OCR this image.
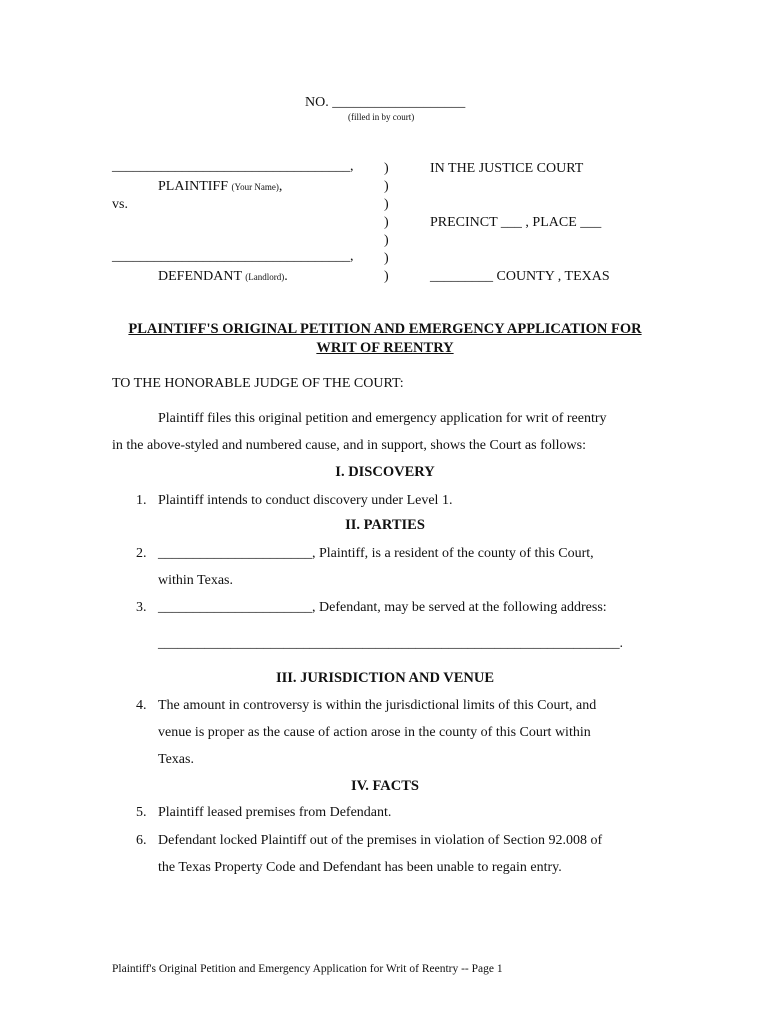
NO. ___________________
(filled in by court)
__________________________________,
PLAINTIFF (Your Name),
vs.
__________________________________,
DEFENDANT (Landlord).
)
)
)
)
)
)
)
IN THE JUSTICE COURT
PRECINCT ___ , PLACE ___
_________ COUNTY , TEXAS
PLAINTIFF'S ORIGINAL PETITION AND EMERGENCY APPLICATION FOR
WRIT OF REENTRY
TO THE HONORABLE JUDGE OF THE COURT:
Plaintiff files this original petition and emergency application for writ of reentry
in the above-styled and numbered cause, and in support, shows the Court as follows:
I. DISCOVERY
1. Plaintiff intends to conduct discovery under Level 1.
II. PARTIES
2. ______________________, Plaintiff, is a resident of the county of this Court,
within Texas.
3. ______________________, Defendant, may be served at the following address:
______________________________________________________________________.
III. JURISDICTION AND VENUE
4. The amount in controversy is within the jurisdictional limits of this Court, and
venue is proper as the cause of action arose in the county of this Court within
Texas.
IV. FACTS
5. Plaintiff leased premises from Defendant.
6. Defendant locked Plaintiff out of the premises in violation of Section 92.008 of
the Texas Property Code and Defendant has been unable to regain entry.
Plaintiff's Original Petition and Emergency Application for Writ of Reentry -- Page 1
